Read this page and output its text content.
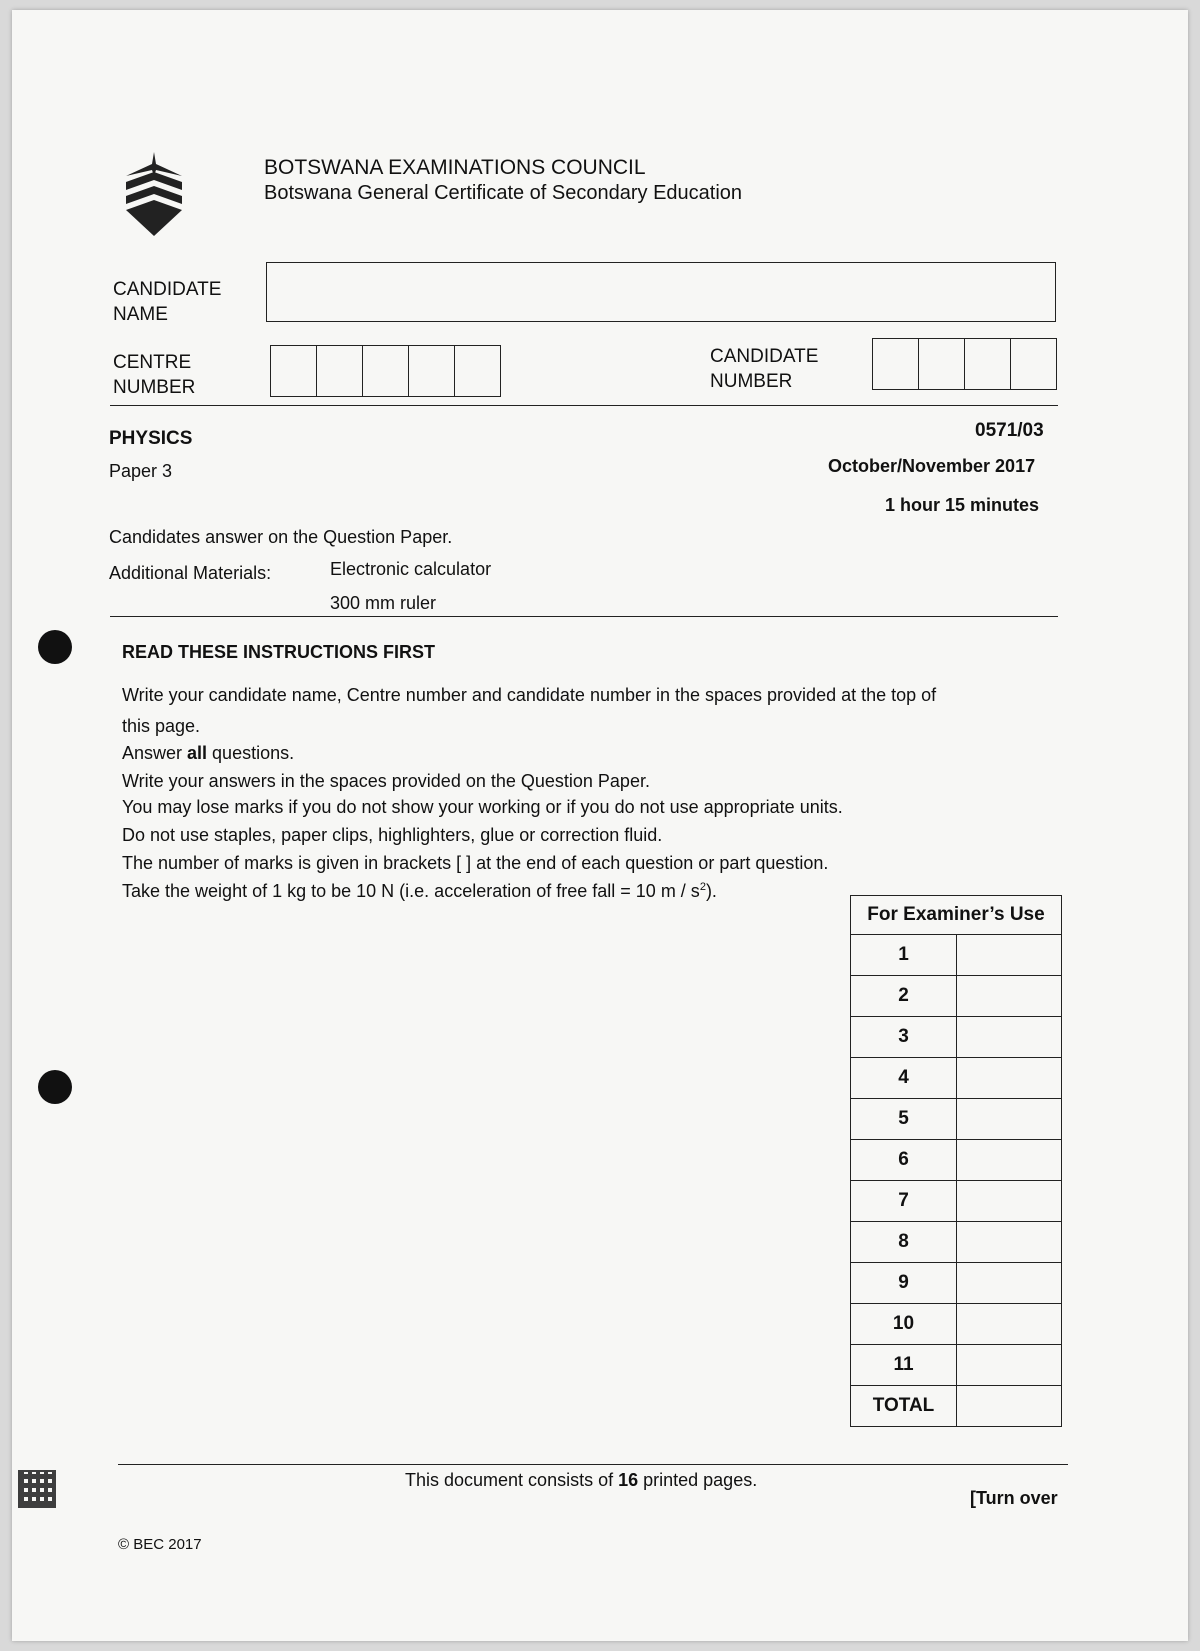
BOTSWANA EXAMINATIONS COUNCIL
Botswana General Certificate of Secondary Education
CANDIDATE
NAME
CENTRE
NUMBER
CANDIDATE
NUMBER
PHYSICS	0571/03
Paper 3	October/November 2017
1 hour 15 minutes
Candidates answer on the Question Paper.
Additional Materials:	Electronic calculator
300 mm ruler
READ THESE INSTRUCTIONS FIRST
Write your candidate name, Centre number and candidate number in the spaces provided at the top of
this page.
Answer all questions.
Write your answers in the spaces provided on the Question Paper.
You may lose marks if you do not show your working or if you do not use appropriate units.
Do not use staples, paper clips, highlighters, glue or correction fluid.
The number of marks is given in brackets [ ] at the end of each question or part question.
Take the weight of 1 kg to be 10 N (i.e. acceleration of free fall = 10 m / $s^2$).
For Examiner’s Use	
1	
2	
3	
4	
5	
6	
7	
8	
9	
10	
11	
TOTAL	
This document consists of 16 printed pages.
[Turn over
© BEC 2017
